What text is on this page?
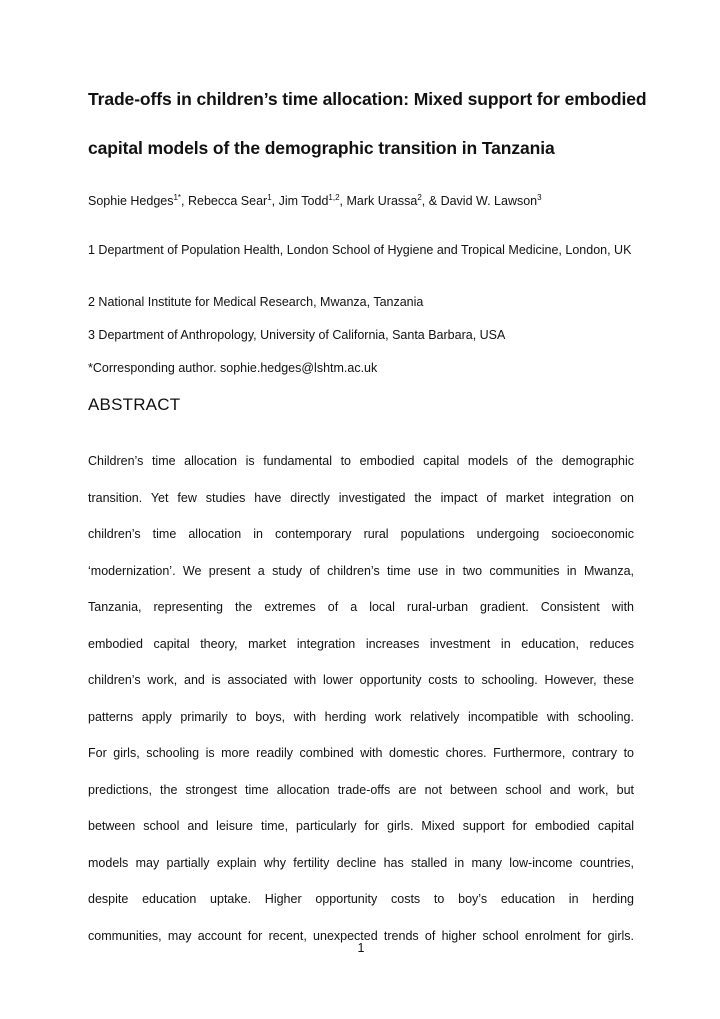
Trade-offs in children’s time allocation: Mixed support for embodied
capital models of the demographic transition in Tanzania
Sophie Hedges$^{1*}$, Rebecca Sear$^1$, Jim Todd$^{1,2}$, Mark Urassa$^2$, & David W. Lawson$^3$
1 Department of Population Health, London School of Hygiene and Tropical Medicine, London, UK
2 National Institute for Medical Research, Mwanza, Tanzania
3 Department of Anthropology, University of California, Santa Barbara, USA
*Corresponding author. sophie.hedges@lshtm.ac.uk
ABSTRACT
Children’s time allocation is fundamental to embodied capital models of the demographic
transition. Yet few studies have directly investigated the impact of market integration on
children’s time allocation in contemporary rural populations undergoing socioeconomic
‘modernization’. We present a study of children’s time use in two communities in Mwanza,
Tanzania, representing the extremes of a local rural-urban gradient. Consistent with
embodied capital theory, market integration increases investment in education, reduces
children’s work, and is associated with lower opportunity costs to schooling. However, these
patterns apply primarily to boys, with herding work relatively incompatible with schooling.
For girls, schooling is more readily combined with domestic chores. Furthermore, contrary to
predictions, the strongest time allocation trade-offs are not between school and work, but
between school and leisure time, particularly for girls. Mixed support for embodied capital
models may partially explain why fertility decline has stalled in many low-income countries,
despite education uptake. Higher opportunity costs to boy’s education in herding
communities, may account for recent, unexpected trends of higher school enrolment for girls.
1
